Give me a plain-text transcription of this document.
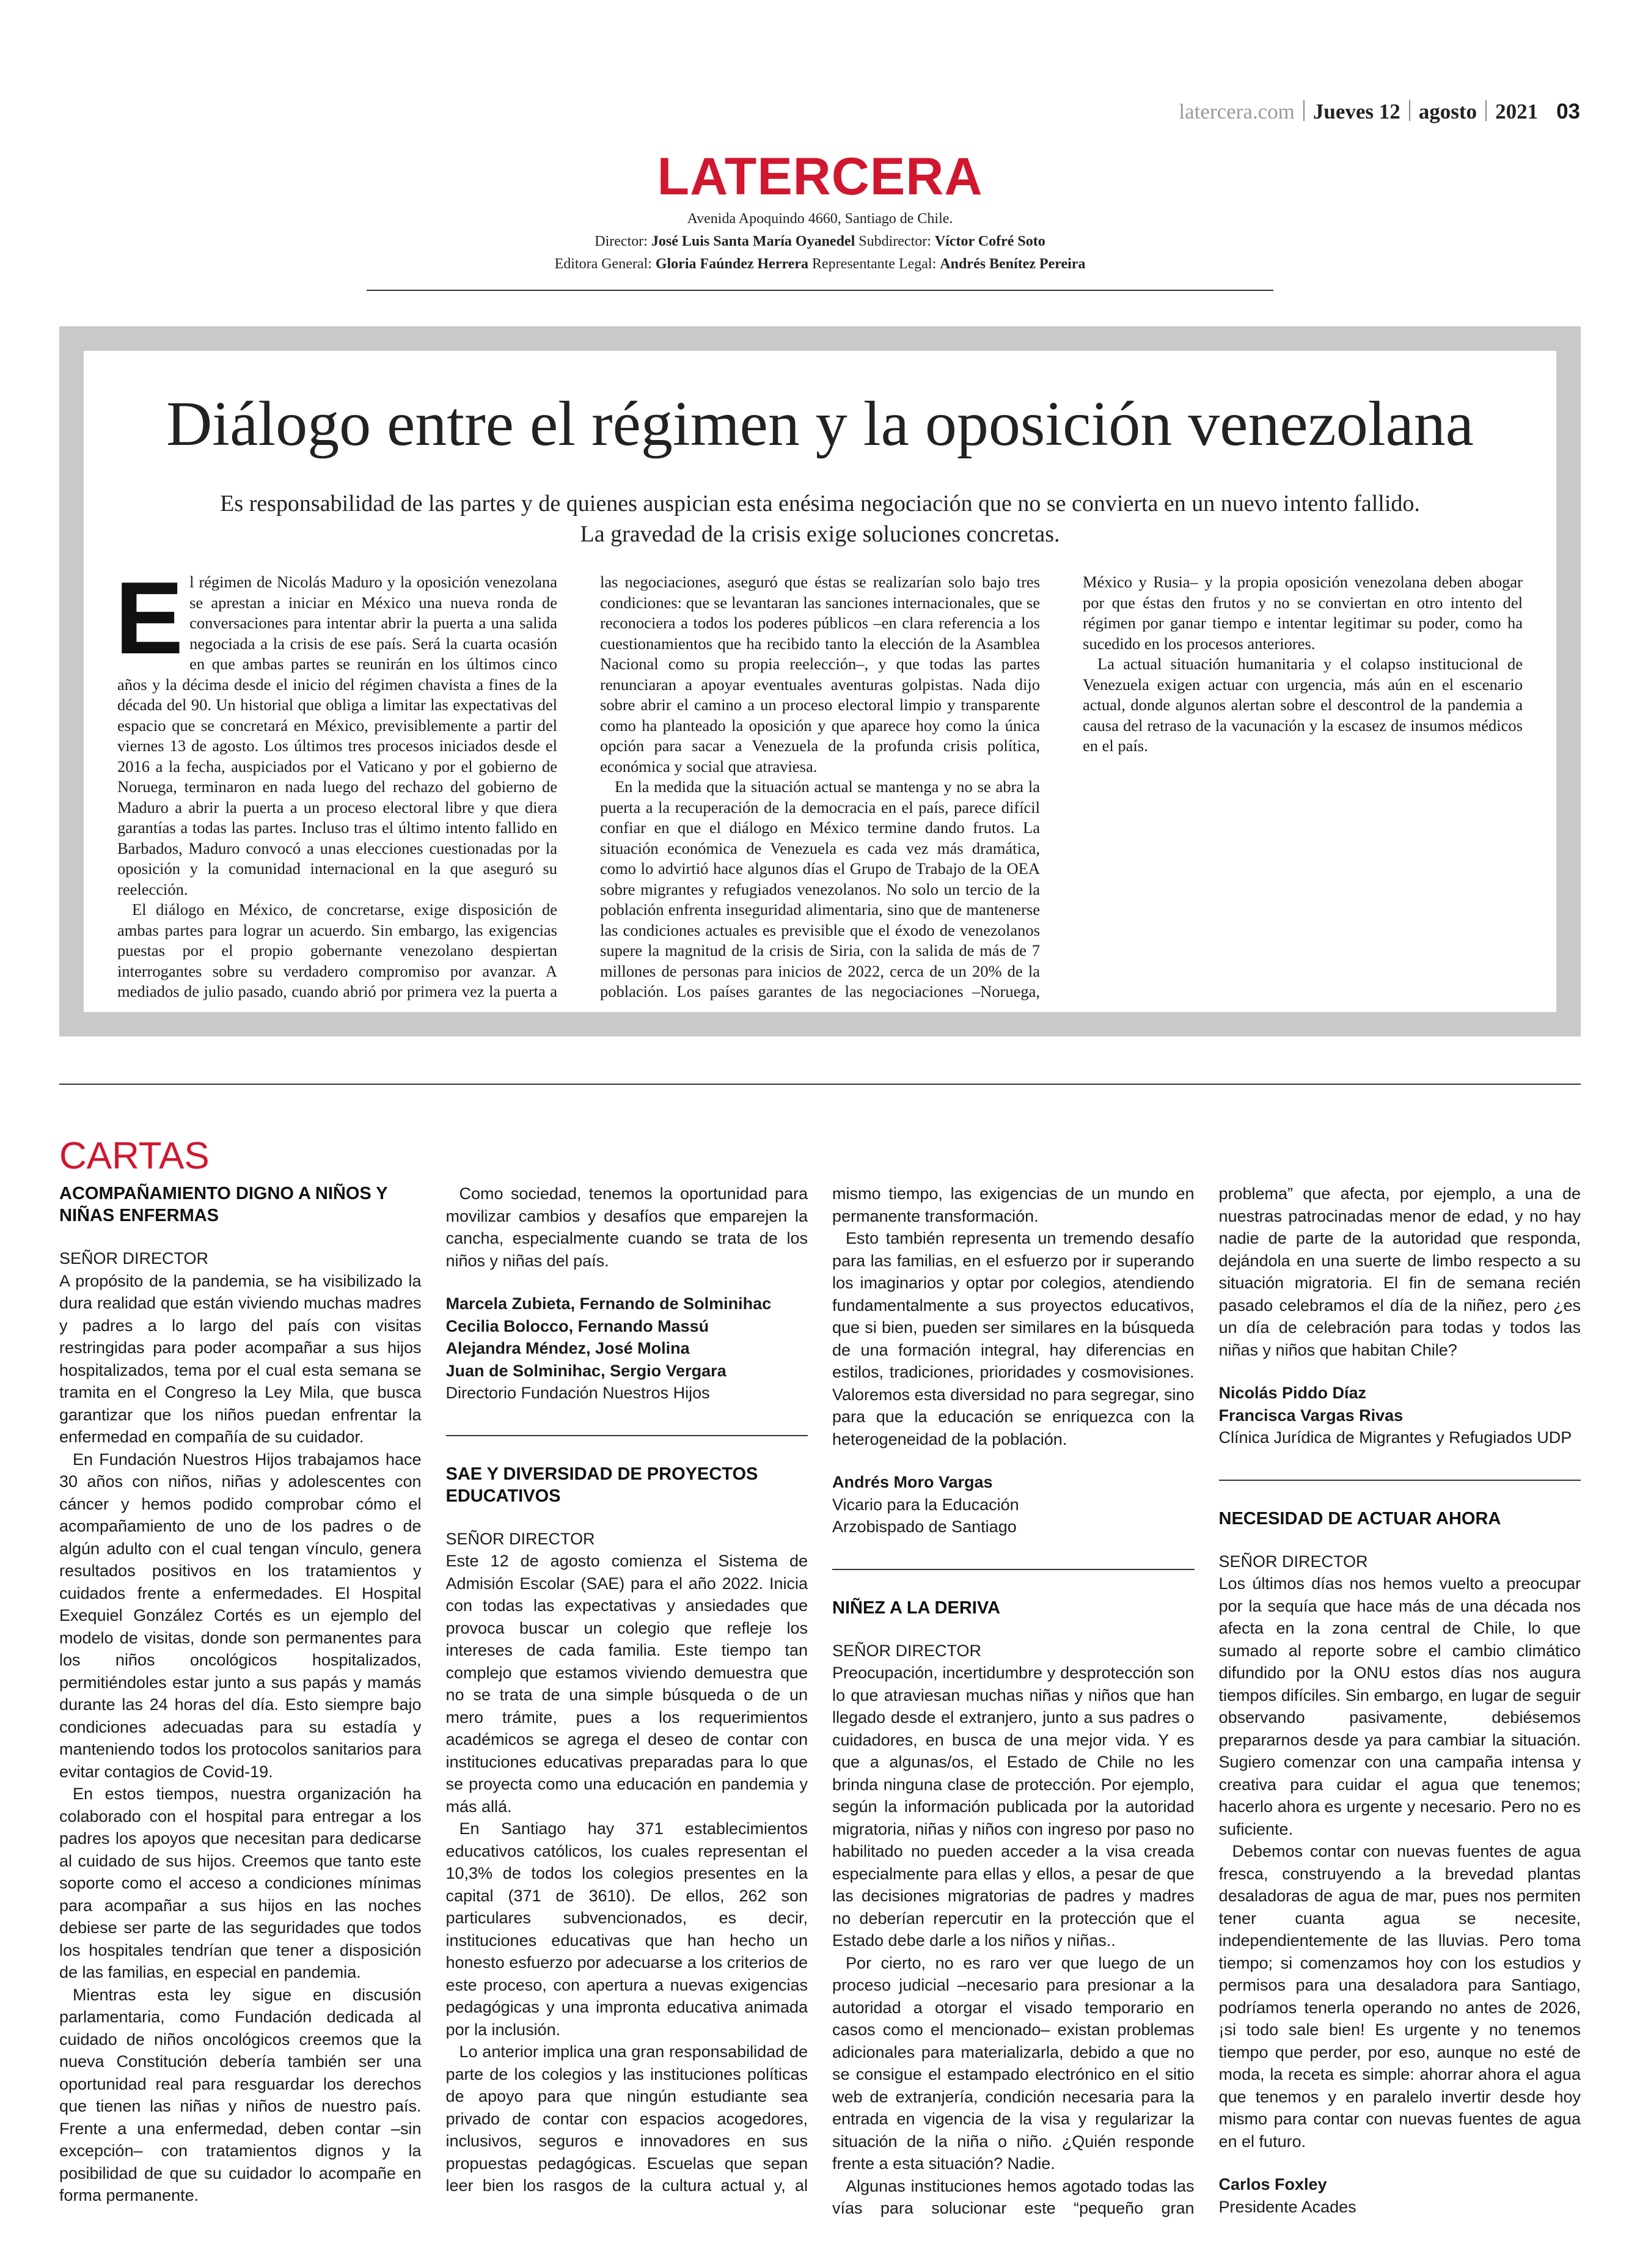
latercera.com Jueves 12 agosto 2021 03
LATERCERA
Avenida Apoquindo 4660, Santiago de Chile.
Director: José Luis Santa María Oyanedel Subdirector: Víctor Cofré Soto
Editora General: Gloria Faúndez Herrera Representante Legal: Andrés Benítez Pereira
Diálogo entre el régimen y la oposición venezolana
Es responsabilidad de las partes y de quienes auspician esta enésima negociación que no se convierta en un nuevo intento fallido.
La gravedad de la crisis exige soluciones concretas.

El régimen de Nicolás Maduro y la oposición venezolana se aprestan a iniciar en México una nueva ronda de conversaciones para intentar abrir la puerta a una salida negociada a la crisis de ese país. Será la cuarta ocasión en que ambas partes se reunirán en los últimos cinco años y la décima desde el inicio del régimen chavista a fines de la década del 90. Un historial que obliga a limitar las expectativas del espacio que se concretará en México, previsiblemente a partir del viernes 13 de agosto. Los últimos tres procesos iniciados desde el 2016 a la fecha, auspiciados por el Vaticano y por el gobierno de Noruega, terminaron en nada luego del rechazo del gobierno de Maduro a abrir la puerta a un proceso electoral libre y que diera garantías a todas las partes. Incluso tras el último intento fallido en Barbados, Maduro convocó a unas elecciones cuestionadas por la oposición y la comunidad internacional en la que aseguró su reelección.

El diálogo en México, de concretarse, exige disposición de ambas partes para lograr un acuerdo. Sin embargo, las exigencias puestas por el propio gobernante venezolano despiertan interrogantes sobre su verdadero compromiso por avanzar. A mediados de julio pasado, cuando abrió por primera vez la puerta a las negociaciones, aseguró que éstas se realizarían solo bajo tres condiciones: que se levantaran las sanciones internacionales, que se reconociera a todos los poderes públicos –en clara referencia a los cuestionamientos que ha recibido tanto la elección de la Asamblea Nacional como su propia reelección–, y que todas las partes renunciaran a apoyar eventuales aventuras golpistas. Nada dijo sobre abrir el camino a un proceso electoral limpio y transparente como ha planteado la oposición y que aparece hoy como la única opción para sacar a Venezuela de la profunda crisis política, económica y social que atraviesa.

En la medida que la situación actual se mantenga y no se abra la puerta a la recuperación de la democracia en el país, parece difícil confiar en que el diálogo en México termine dando frutos. La situación económica de Venezuela es cada vez más dramática, como lo advirtió hace algunos días el Grupo de Trabajo de la OEA sobre migrantes y refugiados venezolanos. No solo un tercio de la población enfrenta inseguridad alimentaria, sino que de mantenerse las condiciones actuales es previsible que el éxodo de venezolanos supere la magnitud de la crisis de Siria, con la salida de más de 7 millones de personas para inicios de 2022, cerca de un 20% de la población. Los países garantes de las negociaciones –Noruega, México y Rusia– y la propia oposición venezolana deben abogar por que éstas den frutos y no se conviertan en otro intento del régimen por ganar tiempo e intentar legitimar su poder, como ha sucedido en los procesos anteriores.

La actual situación humanitaria y el colapso institucional de Venezuela exigen actuar con urgencia, más aún en el escenario actual, donde algunos alertan sobre el descontrol de la pandemia a causa del retraso de la vacunación y la escasez de insumos médicos en el país.

CARTAS
ACOMPAÑAMIENTO DIGNO A NIÑOS Y NIÑAS ENFERMAS
SEÑOR DIRECTOR

A propósito de la pandemia, se ha visibilizado la dura realidad que están viviendo muchas madres y padres a lo largo del país con visitas restringidas para poder acompañar a sus hijos hospitalizados, tema por el cual esta semana se tramita en el Congreso la Ley Mila, que busca garantizar que los niños puedan enfrentar la enfermedad en compañía de su cuidador.

En Fundación Nuestros Hijos trabajamos hace 30 años con niños, niñas y adolescentes con cáncer y hemos podido comprobar cómo el acompañamiento de uno de los padres o de algún adulto con el cual tengan vínculo, genera resultados positivos en los tratamientos y cuidados frente a enfermedades. El Hospital Exequiel González Cortés es un ejemplo del modelo de visitas, donde son permanentes para los niños oncológicos hospitalizados, permitiéndoles estar junto a sus papás y mamás durante las 24 horas del día. Esto siempre bajo condiciones adecuadas para su estadía y manteniendo todos los protocolos sanitarios para evitar contagios de Covid-19.

En estos tiempos, nuestra organización ha colaborado con el hospital para entregar a los padres los apoyos que necesitan para dedicarse al cuidado de sus hijos. Creemos que tanto este soporte como el acceso a condiciones mínimas para acompañar a sus hijos en las noches debiese ser parte de las seguridades que todos los hospitales tendrían que tener a disposición de las familias, en especial en pandemia.

Mientras esta ley sigue en discusión parlamentaria, como Fundación dedicada al cuidado de niños oncológicos creemos que la nueva Constitución debería también ser una oportunidad real para resguardar los derechos que tienen las niñas y niños de nuestro país. Frente a una enfermedad, deben contar –sin excepción– con tratamientos dignos y la posibilidad de que su cuidador lo acompañe en forma permanente.

Como sociedad, tenemos la oportunidad para movilizar cambios y desafíos que emparejen la cancha, especialmente cuando se trata de los niños y niñas del país.

Marcela Zubieta, Fernando de Solminihac
Cecilia Bolocco, Fernando Massú
Alejandra Méndez, José Molina
Juan de Solminihac, Sergio Vergara
Directorio Fundación Nuestros Hijos
SAE Y DIVERSIDAD DE PROYECTOS EDUCATIVOS
SEÑOR DIRECTOR

Este 12 de agosto comienza el Sistema de Admisión Escolar (SAE) para el año 2022. Inicia con todas las expectativas y ansiedades que provoca buscar un colegio que refleje los intereses de cada familia. Este tiempo tan complejo que estamos viviendo demuestra que no se trata de una simple búsqueda o de un mero trámite, pues a los requerimientos académicos se agrega el deseo de contar con instituciones educativas preparadas para lo que se proyecta como una educación en pandemia y más allá.

En Santiago hay 371 establecimientos educativos católicos, los cuales representan el 10,3% de todos los colegios presentes en la capital (371 de 3610). De ellos, 262 son particulares subvencionados, es decir, instituciones educativas que han hecho un honesto esfuerzo por adecuarse a los criterios de este proceso, con apertura a nuevas exigencias pedagógicas y una impronta educativa animada por la inclusión.

Lo anterior implica una gran responsabilidad de parte de los colegios y las instituciones políticas de apoyo para que ningún estudiante sea privado de contar con espacios acogedores, inclusivos, seguros e innovadores en sus propuestas pedagógicas. Escuelas que sepan leer bien los rasgos de la cultura actual y, al mismo tiempo, las exigencias de un mundo en permanente transformación.

Esto también representa un tremendo desafío para las familias, en el esfuerzo por ir superando los imaginarios y optar por colegios, atendiendo fundamentalmente a sus proyectos educativos, que si bien, pueden ser similares en la búsqueda de una formación integral, hay diferencias en estilos, tradiciones, prioridades y cosmovisiones. Valoremos esta diversidad no para segregar, sino para que la educación se enriquezca con la heterogeneidad de la población.

Andrés Moro Vargas
Vicario para la Educación
Arzobispado de Santiago
NIÑEZ A LA DERIVA
SEÑOR DIRECTOR

Preocupación, incertidumbre y desprotección son lo que atraviesan muchas niñas y niños que han llegado desde el extranjero, junto a sus padres o cuidadores, en busca de una mejor vida. Y es que a algunas/os, el Estado de Chile no les brinda ninguna clase de protección. Por ejemplo, según la información publicada por la autoridad migratoria, niñas y niños con ingreso por paso no habilitado no pueden acceder a la visa creada especialmente para ellas y ellos, a pesar de que las decisiones migratorias de padres y madres no deberían repercutir en la protección que el Estado debe darle a los niños y niñas..

Por cierto, no es raro ver que luego de un proceso judicial –necesario para presionar a la autoridad a otorgar el visado temporario en casos como el mencionado– existan problemas adicionales para materializarla, debido a que no se consigue el estampado electrónico en el sitio web de extranjería, condición necesaria para la entrada en vigencia de la visa y regularizar la situación de la niña o niño. ¿Quién responde frente a esta situación? Nadie.

Algunas instituciones hemos agotado todas las vías para solucionar este “pequeño gran problema” que afecta, por ejemplo, a una de nuestras patrocinadas menor de edad, y no hay nadie de parte de la autoridad que responda, dejándola en una suerte de limbo respecto a su situación migratoria. El fin de semana recién pasado celebramos el día de la niñez, pero ¿es un día de celebración para todas y todos las niñas y niños que habitan Chile?

Nicolás Piddo Díaz
Francisca Vargas Rivas
Clínica Jurídica de Migrantes y Refugiados UDP
NECESIDAD DE ACTUAR AHORA
SEÑOR DIRECTOR

Los últimos días nos hemos vuelto a preocupar por la sequía que hace más de una década nos afecta en la zona central de Chile, lo que sumado al reporte sobre el cambio climático difundido por la ONU estos días nos augura tiempos difíciles. Sin embargo, en lugar de seguir observando pasivamente, debiésemos prepararnos desde ya para cambiar la situación. Sugiero comenzar con una campaña intensa y creativa para cuidar el agua que tenemos; hacerlo ahora es urgente y necesario. Pero no es suficiente.

Debemos contar con nuevas fuentes de agua fresca, construyendo a la brevedad plantas desaladoras de agua de mar, pues nos permiten tener cuanta agua se necesite, independientemente de las lluvias. Pero toma tiempo; si comenzamos hoy con los estudios y permisos para una desaladora para Santiago, podríamos tenerla operando no antes de 2026, ¡si todo sale bien! Es urgente y no tenemos tiempo que perder, por eso, aunque no esté de moda, la receta es simple: ahorrar ahora el agua que tenemos y en paralelo invertir desde hoy mismo para contar con nuevas fuentes de agua en el futuro.

Carlos Foxley
Presidente Acades
